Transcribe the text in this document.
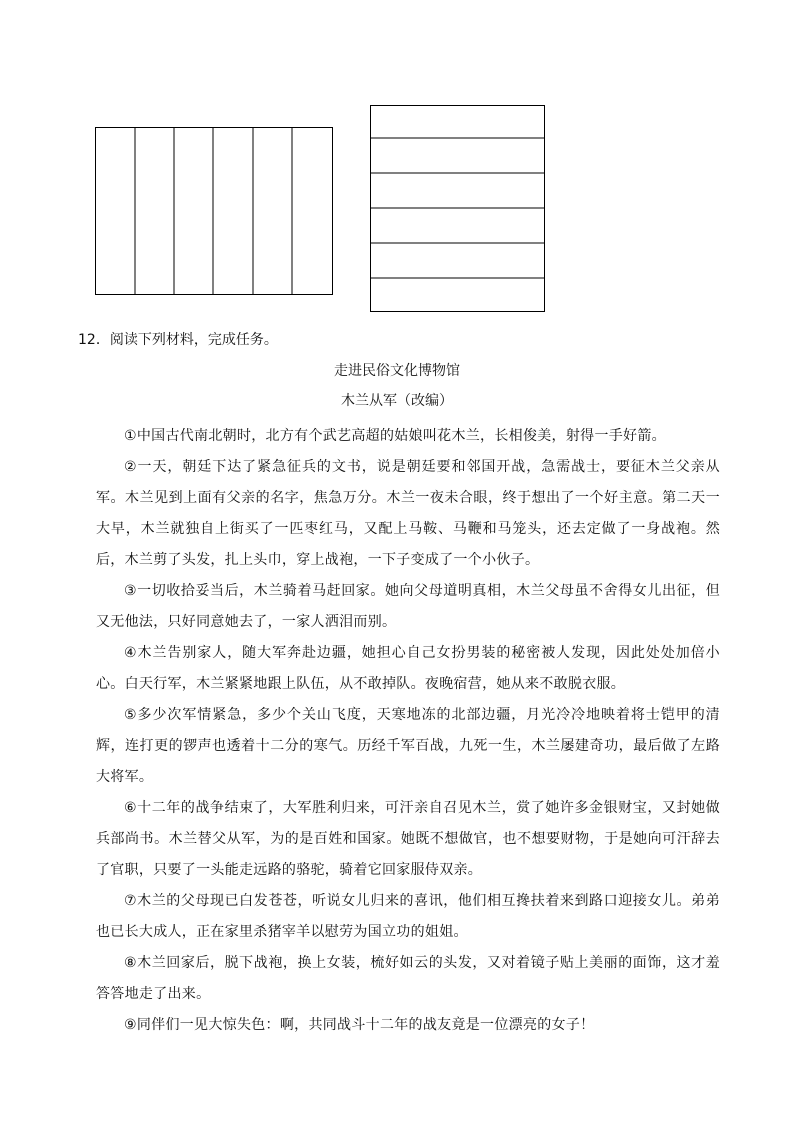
12．阅读下列材料，完成任务。
走进民俗文化博物馆
木兰从军（改编）

①中国古代南北朝时，北方有个武艺高超的姑娘叫花木兰，长相俊美，射得一手好箭。

②一天，朝廷下达了紧急征兵的文书，说是朝廷要和邻国开战，急需战士，要征木兰父亲从军。木兰见到上面有父亲的名字，焦急万分。木兰一夜未合眼，终于想出了一个好主意。第二天一大早，木兰就独自上街买了一匹枣红马，又配上马鞍、马鞭和马笼头，还去定做了一身战袍。然后，木兰剪了头发，扎上头巾，穿上战袍，一下子变成了一个小伙子。

③一切收拾妥当后，木兰骑着马赶回家。她向父母道明真相，木兰父母虽不舍得女儿出征，但又无他法，只好同意她去了，一家人洒泪而别。

④木兰告别家人，随大军奔赴边疆，她担心自己女扮男装的秘密被人发现，因此处处加倍小心。白天行军，木兰紧紧地跟上队伍，从不敢掉队。夜晚宿营，她从来不敢脱衣服。

⑤多少次军情紧急，多少个关山飞度，天寒地冻的北部边疆，月光冷冷地映着将士铠甲的清辉，连打更的锣声也透着十二分的寒气。历经千军百战，九死一生，木兰屡建奇功，最后做了左路大将军。

⑥十二年的战争结束了，大军胜利归来，可汗亲自召见木兰，赏了她许多金银财宝，又封她做兵部尚书。木兰替父从军，为的是百姓和国家。她既不想做官，也不想要财物，于是她向可汗辞去了官职，只要了一头能走远路的骆驼，骑着它回家服侍双亲。

⑦木兰的父母现已白发苍苍，听说女儿归来的喜讯，他们相互搀扶着来到路口迎接女儿。弟弟也已长大成人，正在家里杀猪宰羊以慰劳为国立功的姐姐。

⑧木兰回家后，脱下战袍，换上女装，梳好如云的头发，又对着镜子贴上美丽的面饰，这才羞答答地走了出来。

⑨同伴们一见大惊失色：啊，共同战斗十二年的战友竟是一位漂亮的女子！
